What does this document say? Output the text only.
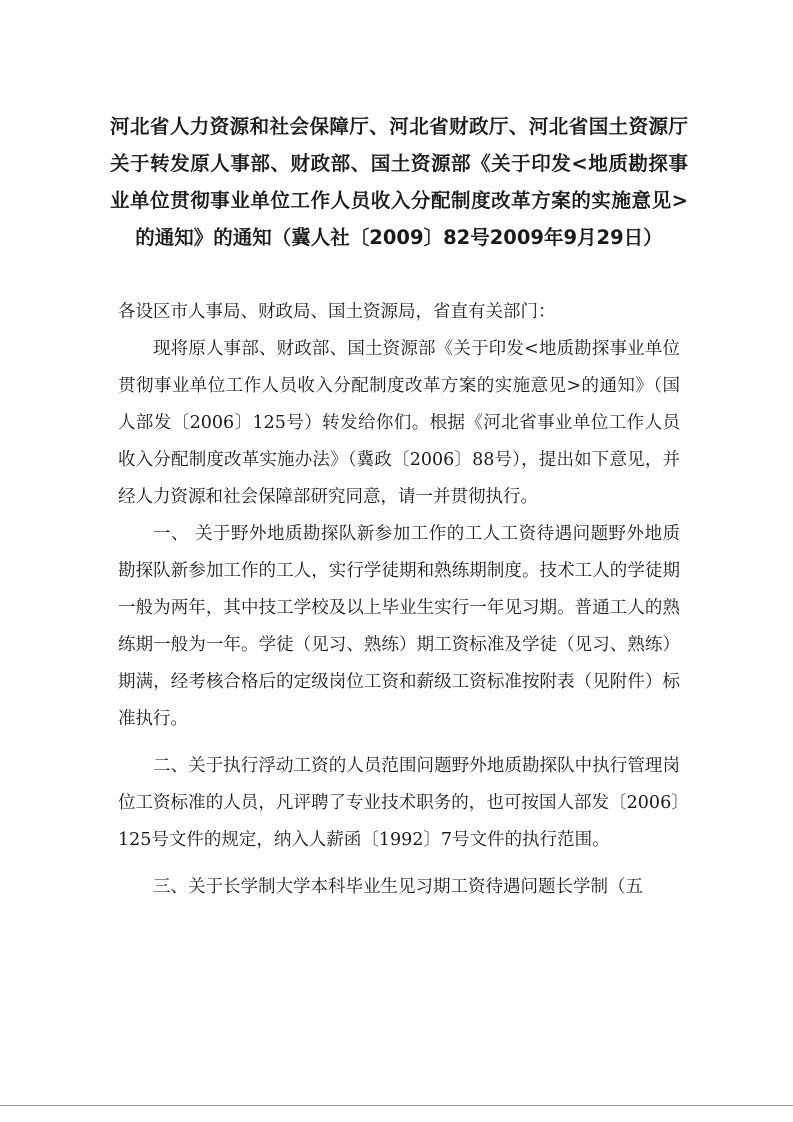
河北省人力资源和社会保障厅、河北省财政厅、河北省国土资源厅关于转发原人事部、财政部、国土资源部《关于印发<地质勘探事业单位贯彻事业单位工作人员收入分配制度改革方案的实施意见>的通知》的通知（冀人社〔2009〕82号2009年9月29日）

各设区市人事局、财政局、国土资源局，省直有关部门：

现将原人事部、财政部、国土资源部《关于印发<地质勘探事业单位贯彻事业单位工作人员收入分配制度改革方案的实施意见>的通知》（国人部发〔2006〕125号）转发给你们。根据《河北省事业单位工作人员收入分配制度改革实施办法》（冀政〔2006〕88号），提出如下意见，并经人力资源和社会保障部研究同意，请一并贯彻执行。

一、 关于野外地质勘探队新参加工作的工人工资待遇问题野外地质勘探队新参加工作的工人，实行学徒期和熟练期制度。技术工人的学徒期一般为两年，其中技工学校及以上毕业生实行一年见习期。普通工人的熟练期一般为一年。学徒（见习、熟练）期工资标准及学徒（见习、熟练）期满，经考核合格后的定级岗位工资和薪级工资标准按附表（见附件）标准执行。

二、关于执行浮动工资的人员范围问题野外地质勘探队中执行管理岗位工资标准的人员，凡评聘了专业技术职务的，也可按国人部发〔2006〕125号文件的规定，纳入人薪函〔1992〕7号文件的执行范围。

三、关于长学制大学本科毕业生见习期工资待遇问题长学制（五
